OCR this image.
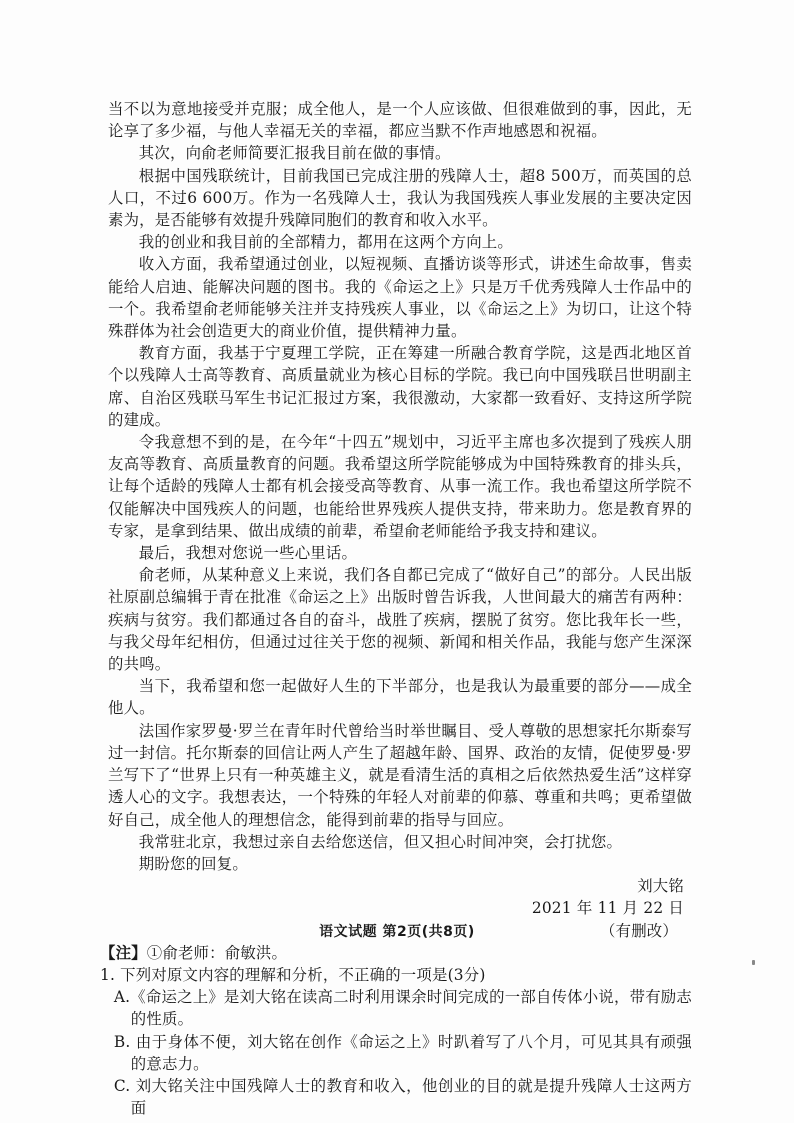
当不以为意地接受并克服；成全他人，是一个人应该做、但很难做到的事，因此，无论享了多少福，与他人幸福无关的幸福，都应当默不作声地感恩和祝福。

其次，向俞老师简要汇报我目前在做的事情。

根据中国残联统计，目前我国已完成注册的残障人士，超8 500万，而英国的总人口，不过6 600万。作为一名残障人士，我认为我国残疾人事业发展的主要决定因素为，是否能够有效提升残障同胞们的教育和收入水平。

我的创业和我目前的全部精力，都用在这两个方向上。

收入方面，我希望通过创业，以短视频、直播访谈等形式，讲述生命故事，售卖能给人启迪、能解决问题的图书。我的《命运之上》只是万千优秀残障人士作品中的一个。我希望俞老师能够关注并支持残疾人事业，以《命运之上》为切口，让这个特殊群体为社会创造更大的商业价值，提供精神力量。

教育方面，我基于宁夏理工学院，正在筹建一所融合教育学院，这是西北地区首个以残障人士高等教育、高质量就业为核心目标的学院。我已向中国残联吕世明副主席、自治区残联马军生书记汇报过方案，我很激动，大家都一致看好、支持这所学院的建成。

令我意想不到的是，在今年“十四五”规划中，习近平主席也多次提到了残疾人朋友高等教育、高质量教育的问题。我希望这所学院能够成为中国特殊教育的排头兵，让每个适龄的残障人士都有机会接受高等教育、从事一流工作。我也希望这所学院不仅能解决中国残疾人的问题，也能给世界残疾人提供支持，带来助力。您是教育界的专家，是拿到结果、做出成绩的前辈，希望俞老师能给予我支持和建议。

最后，我想对您说一些心里话。

俞老师，从某种意义上来说，我们各自都已完成了“做好自己”的部分。人民出版社原副总编辑于青在批准《命运之上》出版时曾告诉我，人世间最大的痛苦有两种：疾病与贫穷。我们都通过各自的奋斗，战胜了疾病，摆脱了贫穷。您比我年长一些，与我父母年纪相仿，但通过过往关于您的视频、新闻和相关作品，我能与您产生深深的共鸣。

当下，我希望和您一起做好人生的下半部分，也是我认为最重要的部分——成全他人。

法国作家罗曼·罗兰在青年时代曾给当时举世瞩目、受人尊敬的思想家托尔斯泰写过一封信。托尔斯泰的回信让两人产生了超越年龄、国界、政治的友情，促使罗曼·罗兰写下了“世界上只有一种英雄主义，就是看清生活的真相之后依然热爱生活”这样穿透人心的文字。我想表达，一个特殊的年轻人对前辈的仰慕、尊重和共鸣；更希望做好自己，成全他人的理想信念，能得到前辈的指导与回应。

我常驻北京，我想过亲自去给您送信，但又担心时间冲突，会打扰您。

期盼您的回复。

刘大铭

2021 年 11 月 22 日

（有删改）

【注】①俞老师：俞敏洪。

1. 下列对原文内容的理解和分析，不正确的一项是(3分)

A.《命运之上》是刘大铭在读高二时利用课余时间完成的一部自传体小说，带有励志的性质。

B. 由于身体不便，刘大铭在创作《命运之上》时趴着写了八个月，可见其具有顽强的意志力。

C. 刘大铭关注中国残障人士的教育和收入，他创业的目的就是提升残障人士这两方面

语文试题 第2页(共8页)
